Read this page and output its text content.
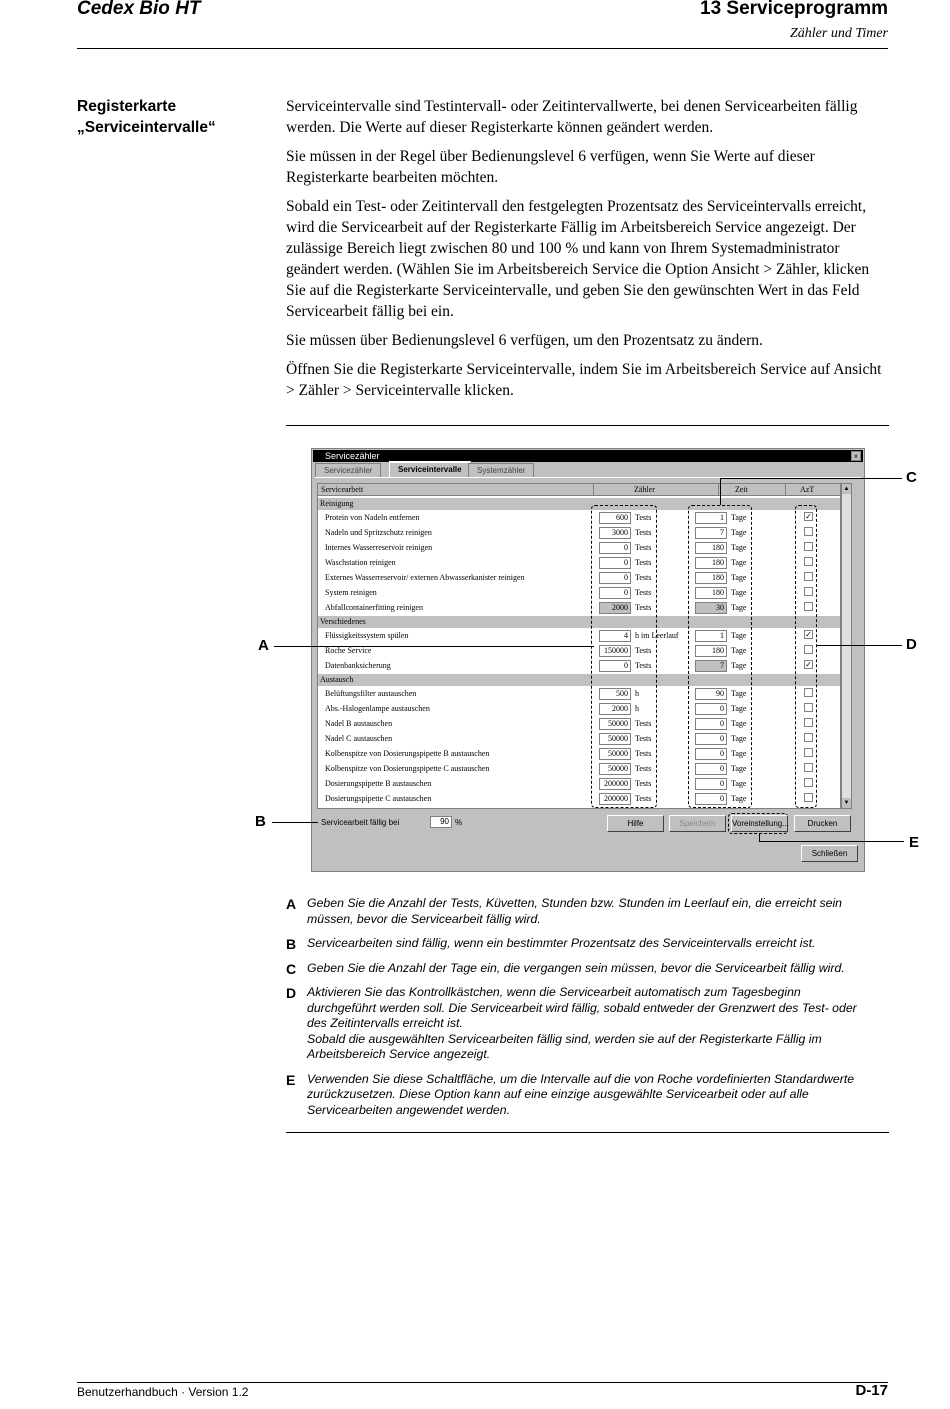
Cedex Bio HT	13 Serviceprogramm
Zähler und Timer
Registerkarte
„Serviceintervalle“

Serviceintervalle sind Testintervall- oder Zeitintervallwerte, bei denen Servicearbeiten fällig werden. Die Werte auf dieser Registerkarte können geändert werden.

Sie müssen in der Regel über Bedienungslevel 6 verfügen, wenn Sie Werte auf dieser Registerkarte bearbeiten möchten.

Sobald ein Test- oder Zeitintervall den festgelegten Prozentsatz des Serviceintervalls erreicht, wird die Servicearbeit auf der Registerkarte Fällig im Arbeitsbereich Service angezeigt. Der zulässige Bereich liegt zwischen 80 und 100 % und kann von Ihrem Systemadministrator geändert werden. (Wählen Sie im Arbeitsbereich Service die Option Ansicht > Zähler, klicken Sie auf die Registerkarte Serviceintervalle, und geben Sie den gewünschten Wert in das Feld Servicearbeit fällig bei ein.

Sie müssen über Bedienungslevel 6 verfügen, um den Prozentsatz zu ändern.

Öffnen Sie die Registerkarte Serviceintervalle, indem Sie im Arbeitsbereich Service auf Ansicht > Zähler > Serviceintervalle klicken.

Servicezähler	×
Servicezähler	Serviceintervalle	Systemzähler
Servicearbeit	Zähler	Zeit	AzT
Reinigung
Protein von Nadeln entfernen	600 Tests	1 Tage	✓
Nadeln und Spritzschutz reinigen	3000 Tests	7 Tage
Internes Wasserreservoir reinigen	0 Tests	180 Tage
Waschstation reinigen	0 Tests	180 Tage
Externes Wasserreservoir/ externen Abwasserkanister reinigen	0 Tests	180 Tage
System reinigen	0 Tests	180 Tage
Abfallcontainerfitting reinigen	2000 Tests	30 Tage
Verschiedenes
Flüssigkeitssystem spülen	4 h im Leerlauf	1 Tage	✓
Roche Service	150000 Tests	180 Tage
Datenbanksicherung	0 Tests	7 Tage	✓
Austausch
Belüftungsfilter austauschen	500 h	90 Tage
Abs.-Halogenlampe austauschen	2000 h	0 Tage
Nadel B austauschen	50000 Tests	0 Tage
Nadel C austauschen	50000 Tests	0 Tage
Kolbenspitze von Dosierungspipette B austauschen	50000 Tests	0 Tage
Kolbenspitze von Dosierungspipette C austauschen	50000 Tests	0 Tage
Dosierungspipette B austauschen	200000 Tests	0 Tage
Dosierungspipette C austauschen	200000 Tests	0 Tage
▲
▼
Servicearbeit fällig bei	90 %	Hilfe	Speichern	Voreinstellung...	Drucken
Schließen
A
B
C
D
E
A Geben Sie die Anzahl der Tests, Küvetten, Stunden bzw. Stunden im Leerlauf ein, die erreicht sein
müssen, bevor die Servicearbeit fällig wird.
B Servicearbeiten sind fällig, wenn ein bestimmter Prozentsatz des Serviceintervalls erreicht ist.
C Geben Sie die Anzahl der Tage ein, die vergangen sein müssen, bevor die Servicearbeit fällig wird.
D Aktivieren Sie das Kontrollkästchen, wenn die Servicearbeit automatisch zum Tagesbeginn
durchgeführt werden soll. Die Servicearbeit wird fällig, sobald entweder der Grenzwert des Test- oder
des Zeitintervalls erreicht ist.
Sobald die ausgewählten Servicearbeiten fällig sind, werden sie auf der Registerkarte Fällig im
Arbeitsbereich Service angezeigt.
E Verwenden Sie diese Schaltfläche, um die Intervalle auf die von Roche vordefinierten Standardwerte
zurückzusetzen. Diese Option kann auf eine einzige ausgewählte Servicearbeit oder auf alle
Servicearbeiten angewendet werden.
Benutzerhandbuch · Version 1.2	D-17
